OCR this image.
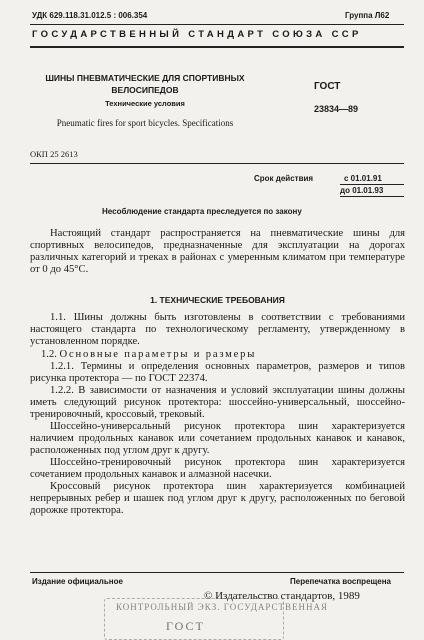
УДК 629.118.31.012.5 : 006.354	Группа Л62
ГОСУДАРСТВЕННЫЙ СТАНДАРТ СОЮЗА ССР
ШИНЫ ПНЕВМАТИЧЕСКИЕ ДЛЯ СПОРТИВНЫХ ВЕЛОСИПЕДОВ
Технические условия
Pneumatic fires for sport bicycles. Specifications
ГОСТ
23834—89
ОКП 25 2613
Срок действия	с 01.01.91
до 01.01.93
Несоблюдение стандарта преследуется по закону
Настоящий стандарт распространяется на пневматические шины для спортивных велосипедов, предназначенные для эксплуатации на дорогах различных категорий и треках в районах с умеренным климатом при температуре от 0 до 45°С.
1. ТЕХНИЧЕСКИЕ ТРЕБОВАНИЯ
1.1. Шины должны быть изготовлены в соответствии с требованиями настоящего стандарта по технологическому регламенту, утвержденному в установленном порядке.
1.2. Основные параметры и размеры
1.2.1. Термины и определения основных параметров, размеров и типов рисунка протектора — по ГОСТ 22374.
1.2.2. В зависимости от назначения и условий эксплуатации шины должны иметь следующий рисунок протектора: шоссейно-универсальный, шоссейно-тренировочный, кроссовый, трековый.
Шоссейно-универсальный рисунок протектора шин характеризуется наличием продольных канавок или сочетанием продольных канавок и канавок, расположенных под углом друг к другу.
Шоссейно-тренировочный рисунок протектора шин характеризуется сочетанием продольных канавок и алмазной насечки.
Кроссовый рисунок протектора шин характеризуется комбинацией непрерывных ребер и шашек под углом друг к другу, расположенных по беговой дорожке протектора.
Издание официальное	Перепечатка воспрещена
© Издательство стандартов, 1989
КОНТРОЛЬНЫЙ ЭКЗ. ГОСУДАРСТВЕННАЯ
ГОСТ
